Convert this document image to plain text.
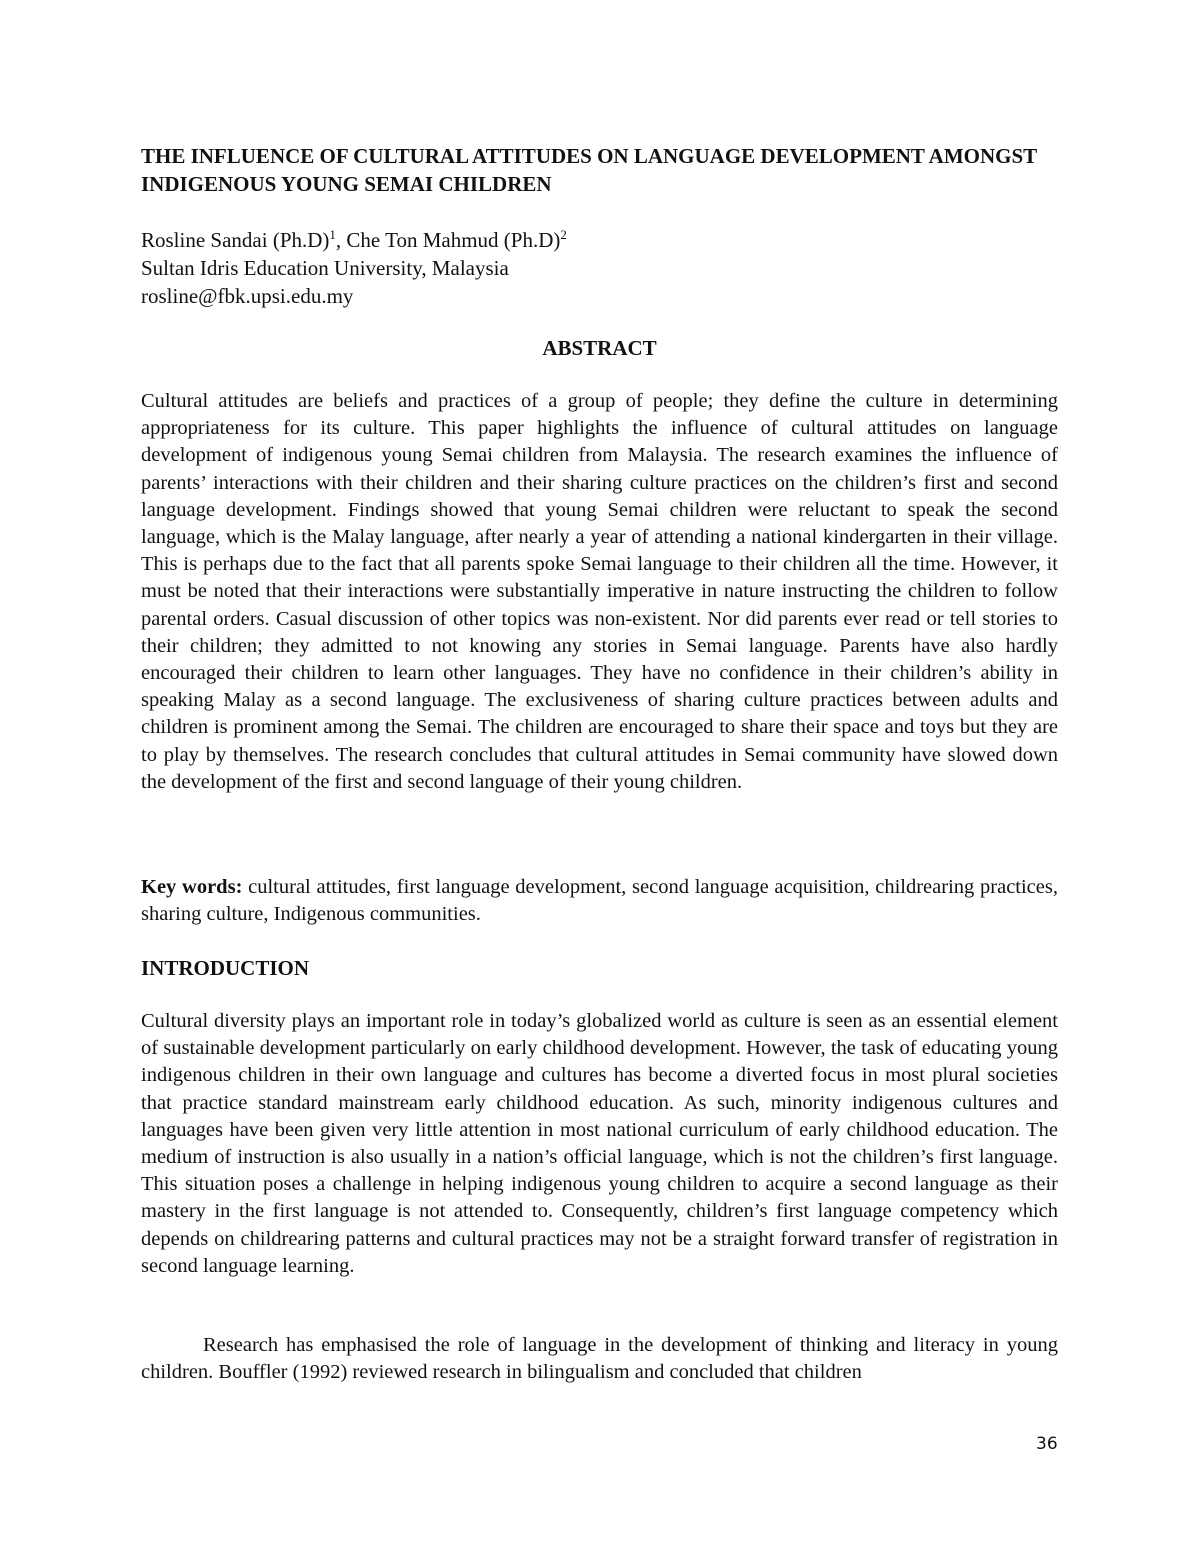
THE INFLUENCE OF CULTURAL ATTITUDES ON LANGUAGE DEVELOPMENT AMONGST INDIGENOUS YOUNG SEMAI CHILDREN
Rosline Sandai $(Ph.D)^1$, Che Ton Mahmud $(Ph.D)^2$
Sultan Idris Education University, Malaysia
rosline@fbk.upsi.edu.my
ABSTRACT

Cultural attitudes are beliefs and practices of a group of people; they define the culture in determining appropriateness for its culture. This paper highlights the influence of cultural attitudes on language development of indigenous young Semai children from Malaysia. The research examines the influence of parents’ interactions with their children and their sharing culture practices on the children’s first and second language development. Findings showed that young Semai children were reluctant to speak the second language, which is the Malay language, after nearly a year of attending a national kindergarten in their village. This is perhaps due to the fact that all parents spoke Semai language to their children all the time. However, it must be noted that their interactions were substantially imperative in nature instructing the children to follow parental orders. Casual discussion of other topics was non-existent. Nor did parents ever read or tell stories to their children; they admitted to not knowing any stories in Semai language. Parents have also hardly encouraged their children to learn other languages. They have no confidence in their children’s ability in speaking Malay as a second language. The exclusiveness of sharing culture practices between adults and children is prominent among the Semai. The children are encouraged to share their space and toys but they are to play by themselves. The research concludes that cultural attitudes in Semai community have slowed down the development of the first and second language of their young children.

Key words: cultural attitudes, first language development, second language acquisition, childrearing practices, sharing culture, Indigenous communities.

INTRODUCTION

Cultural diversity plays an important role in today’s globalized world as culture is seen as an essential element of sustainable development particularly on early childhood development. However, the task of educating young indigenous children in their own language and cultures has become a diverted focus in most plural societies that practice standard mainstream early childhood education. As such, minority indigenous cultures and languages have been given very little attention in most national curriculum of early childhood education. The medium of instruction is also usually in a nation’s official language, which is not the children’s first language. This situation poses a challenge in helping indigenous young children to acquire a second language as their mastery in the first language is not attended to. Consequently, children’s first language competency which depends on childrearing patterns and cultural practices may not be a straight forward transfer of registration in second language learning.

Research has emphasised the role of language in the development of thinking and literacy in young children. Bouffler (1992) reviewed research in bilingualism and concluded that children

36
